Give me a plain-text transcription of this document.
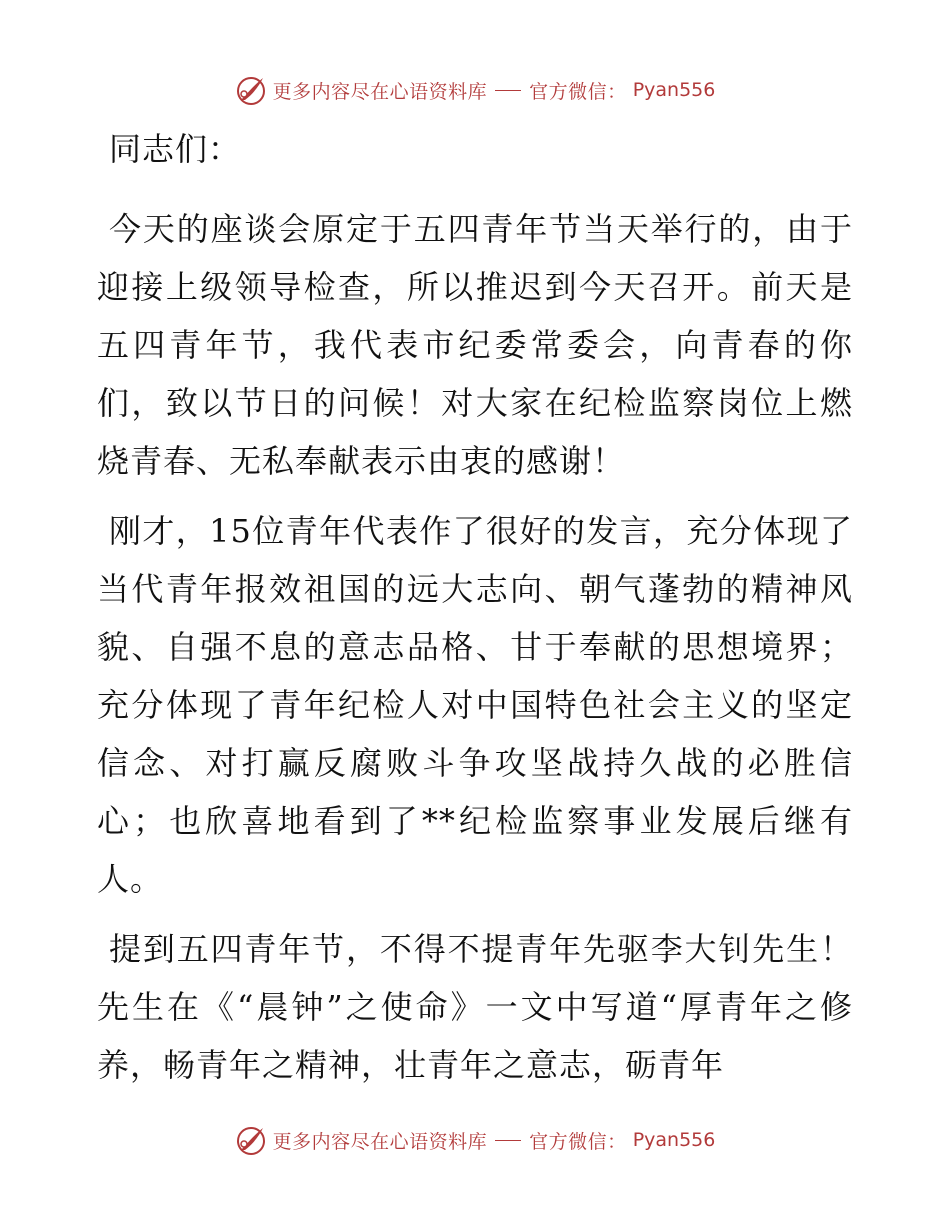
更多内容尽在心语资料库 官方微信： Pyan556

同志们：

今天的座谈会原定于五四青年节当天举行的，由于迎接上级领导检查，所以推迟到今天召开。前天是五四青年节，我代表市纪委常委会，向青春的你们，致以节日的问候！对大家在纪检监察岗位上燃烧青春、无私奉献表示由衷的感谢！

刚才，15位青年代表作了很好的发言，充分体现了当代青年报效祖国的远大志向、朝气蓬勃的精神风貌、自强不息的意志品格、甘于奉献的思想境界；充分体现了青年纪检人对中国特色社会主义的坚定信念、对打赢反腐败斗争攻坚战持久战的必胜信心；也欣喜地看到了**纪检监察事业发展后继有人。

提到五四青年节，不得不提青年先驱李大钊先生！先生在《“晨钟”之使命》一文中写道“厚青年之修养，畅青年之精神，壮青年之意志，砺青年

更多内容尽在心语资料库 官方微信： Pyan556
